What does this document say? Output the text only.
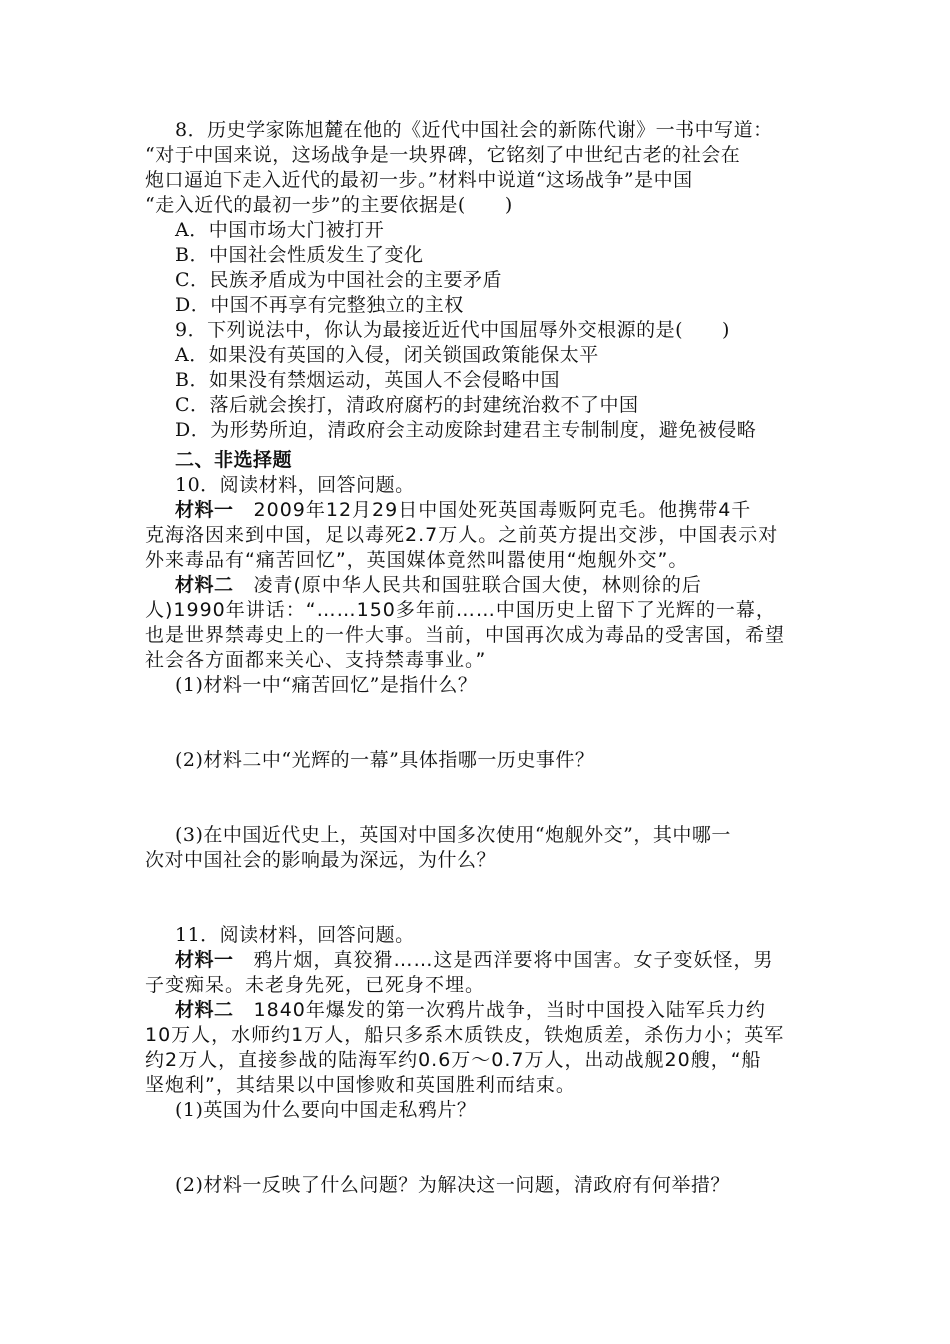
8．历史学家陈旭麓在他的《近代中国社会的新陈代谢》一书中写道：
“对于中国来说，这场战争是一块界碑，它铭刻了中世纪古老的社会在
炮口逼迫下走入近代的最初一步。”材料中说道“这场战争”是中国
“走入近代的最初一步”的主要依据是(　　)
A．中国市场大门被打开
B．中国社会性质发生了变化
C．民族矛盾成为中国社会的主要矛盾
D．中国不再享有完整独立的主权
9．下列说法中，你认为最接近近代中国屈辱外交根源的是(　　)
A．如果没有英国的入侵，闭关锁国政策能保太平
B．如果没有禁烟运动，英国人不会侵略中国
C．落后就会挨打，清政府腐朽的封建统治救不了中国
D．为形势所迫，清政府会主动废除封建君主专制制度，避免被侵略
二、非选择题
10．阅读材料，回答问题。
材料一　2009年12月29日中国处死英国毒贩阿克毛。他携带4千
克海洛因来到中国，足以毒死2.7万人。之前英方提出交涉，中国表示对
外来毒品有“痛苦回忆”，英国媒体竟然叫嚣使用“炮舰外交”。
材料二　凌青(原中华人民共和国驻联合国大使，林则徐的后
人)1990年讲话：“……150多年前……中国历史上留下了光辉的一幕，
也是世界禁毒史上的一件大事。当前，中国再次成为毒品的受害国，希望
社会各方面都来关心、支持禁毒事业。”
(1)材料一中“痛苦回忆”是指什么？
(2)材料二中“光辉的一幕”具体指哪一历史事件？
(3)在中国近代史上，英国对中国多次使用“炮舰外交”，其中哪一
次对中国社会的影响最为深远，为什么？
11．阅读材料，回答问题。
材料一　鸦片烟，真狡猾……这是西洋要将中国害。女子变妖怪，男
子变痴呆。未老身先死，已死身不埋。
材料二　1840年爆发的第一次鸦片战争，当时中国投入陆军兵力约
10万人，水师约1万人，船只多系木质铁皮，铁炮质差，杀伤力小；英军
约2万人，直接参战的陆海军约0.6万～0.7万人，出动战舰20艘，“船
坚炮利”，其结果以中国惨败和英国胜利而结束。
(1)英国为什么要向中国走私鸦片？
(2)材料一反映了什么问题？为解决这一问题，清政府有何举措？
